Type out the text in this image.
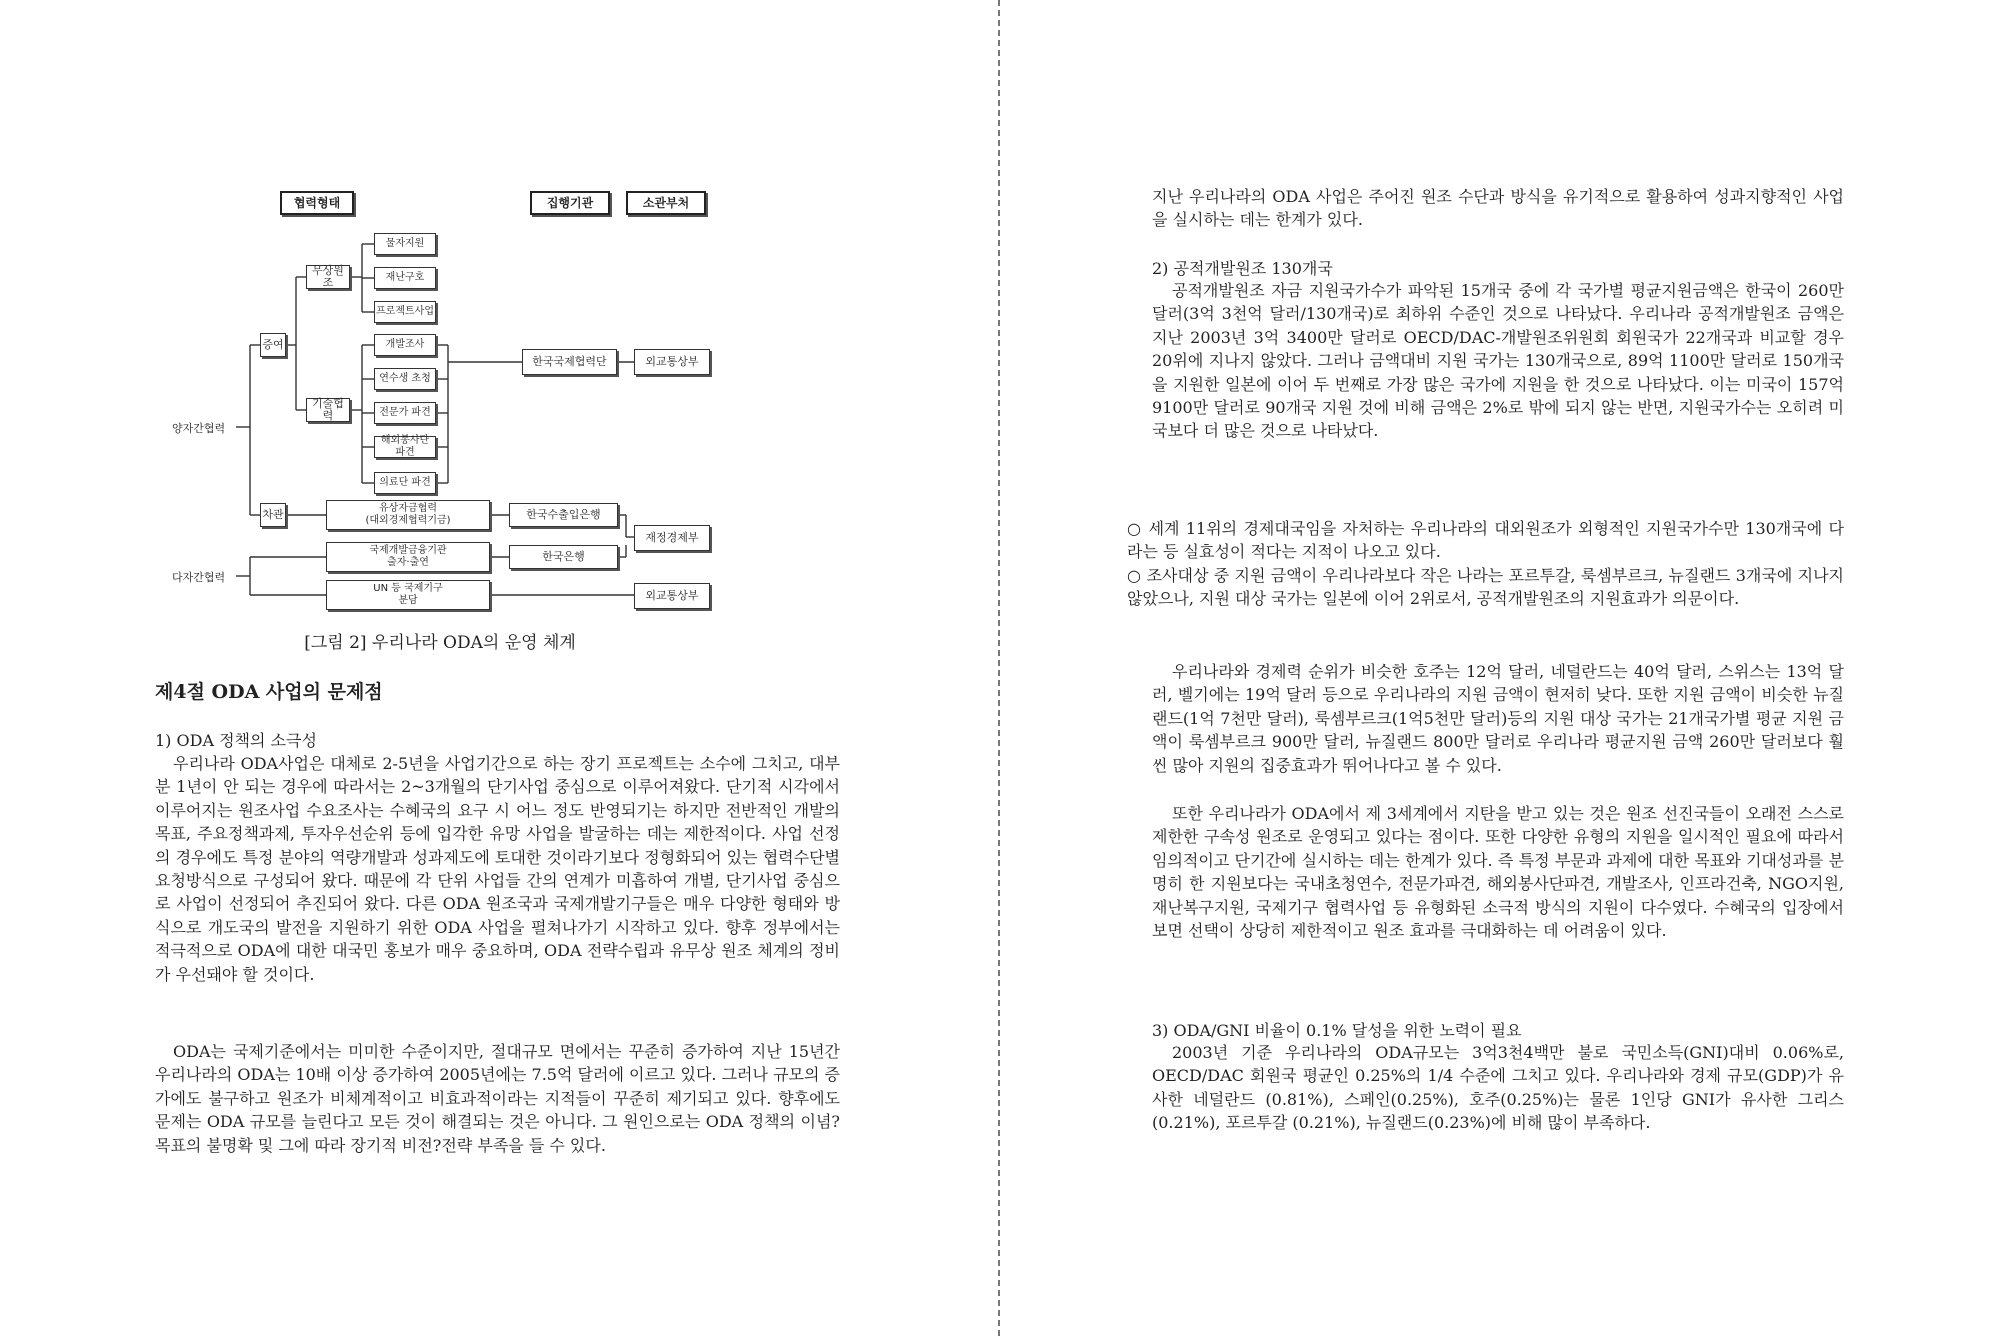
협력형태	집행기관	소관부처
양자간협력
다자간협력
증여
차관
무상원조
기술협력
물자지원
재난구호
프로젝트사업
개발조사
연수생 초청
전문가 파견
해외봉사단 파견
의료단 파견
한국국제협력단	외교통상부
유상자금협력
(대외경제협력기금)	한국수출입은행
재정경제부
국제개발금융기관
출자·출연	한국은행
UN 등 국제기구
분담	외교통상부
[그림 2] 우리나라 ODA의 운영 체계
제4절 ODA 사업의 문제점
1) ODA 정책의 소극성
우리나라 ODA사업은 대체로 2-5년을 사업기간으로 하는 장기 프로젝트는 소수에 그치고, 대부분 1년이 안 되는 경우에 따라서는 2~3개월의 단기사업 중심으로 이루어져왔다. 단기적 시각에서 이루어지는 원조사업 수요조사는 수혜국의 요구 시 어느 정도 반영되기는 하지만 전반적인 개발의 목표, 주요정책과제, 투자우선순위 등에 입각한 유망 사업을 발굴하는 데는 제한적이다. 사업 선정의 경우에도 특정 분야의 역량개발과 성과제도에 토대한 것이라기보다 정형화되어 있는 협력수단별 요청방식으로 구성되어 왔다. 때문에 각 단위 사업들 간의 연계가 미흡하여 개별, 단기사업 중심으로 사업이 선정되어 추진되어 왔다. 다른 ODA 원조국과 국제개발기구들은 매우 다양한 형태와 방식으로 개도국의 발전을 지원하기 위한 ODA 사업을 펼쳐나가기 시작하고 있다. 향후 정부에서는 적극적으로 ODA에 대한 대국민 홍보가 매우 중요하며, ODA 전략수립과 유무상 원조 체계의 정비가 우선돼야 할 것이다.
ODA는 국제기준에서는 미미한 수준이지만, 절대규모 면에서는 꾸준히 증가하여 지난 15년간 우리나라의 ODA는 10배 이상 증가하여 2005년에는 7.5억 달러에 이르고 있다. 그러나 규모의 증가에도 불구하고 원조가 비체계적이고 비효과적이라는 지적들이 꾸준히 제기되고 있다. 향후에도 문제는 ODA 규모를 늘린다고 모든 것이 해결되는 것은 아니다. 그 원인으로는 ODA 정책의 이념?목표의 불명확 및 그에 따라 장기적 비전?전략 부족을 들 수 있다.
지난 우리나라의 ODA 사업은 주어진 원조 수단과 방식을 유기적으로 활용하여 성과지향적인 사업을 실시하는 데는 한계가 있다.
2) 공적개발원조 130개국
공적개발원조 자금 지원국가수가 파악된 15개국 중에 각 국가별 평균지원금액은 한국이 260만 달러(3억 3천억 달러/130개국)로 최하위 수준인 것으로 나타났다. 우리나라 공적개발원조 금액은 지난 2003년 3억 3400만 달러로 OECD/DAC-개발원조위원회 회원국가 22개국과 비교할 경우 20위에 지나지 않았다. 그러나 금액대비 지원 국가는 130개국으로, 89억 1100만 달러로 150개국을 지원한 일본에 이어 두 번째로 가장 많은 국가에 지원을 한 것으로 나타났다. 이는 미국이 157억 9100만 달러로 90개국 지원 것에 비해 금액은 2%로 밖에 되지 않는 반면, 지원국가수는 오히려 미국보다 더 많은 것으로 나타났다.
○ 세계 11위의 경제대국임을 자처하는 우리나라의 대외원조가 외형적인 지원국가수만 130개국에 다라는 등 실효성이 적다는 지적이 나오고 있다.
○ 조사대상 중 지원 금액이 우리나라보다 작은 나라는 포르투갈, 룩셈부르크, 뉴질랜드 3개국에 지나지 않았으나, 지원 대상 국가는 일본에 이어 2위로서, 공적개발원조의 지원효과가 의문이다.
우리나라와 경제력 순위가 비슷한 호주는 12억 달러, 네덜란드는 40억 달러, 스위스는 13억 달러, 벨기에는 19억 달러 등으로 우리나라의 지원 금액이 현저히 낮다. 또한 지원 금액이 비슷한 뉴질랜드(1억 7천만 달러), 룩셈부르크(1억5천만 달러)등의 지원 대상 국가는 21개국가별 평균 지원 금액이 룩셈부르크 900만 달러, 뉴질랜드 800만 달러로 우리나라 평균지원 금액 260만 달러보다 훨씬 많아 지원의 집중효과가 뛰어나다고 볼 수 있다.
또한 우리나라가 ODA에서 제 3세계에서 지탄을 받고 있는 것은 원조 선진국들이 오래전 스스로 제한한 구속성 원조로 운영되고 있다는 점이다. 또한 다양한 유형의 지원을 일시적인 필요에 따라서 임의적이고 단기간에 실시하는 데는 한계가 있다. 즉 특정 부문과 과제에 대한 목표와 기대성과를 분명히 한 지원보다는 국내초청연수, 전문가파견, 해외봉사단파견, 개발조사, 인프라건축, NGO지원, 재난복구지원, 국제기구 협력사업 등 유형화된 소극적 방식의 지원이 다수였다. 수혜국의 입장에서 보면 선택이 상당히 제한적이고 원조 효과를 극대화하는 데 어려움이 있다.
3) ODA/GNI 비율이 0.1% 달성을 위한 노력이 필요
2003년 기준 우리나라의 ODA규모는 3억3천4백만 불로 국민소득(GNI)대비 0.06%로, OECD/DAC 회원국 평균인 0.25%의 1/4 수준에 그치고 있다. 우리나라와 경제 규모(GDP)가 유사한 네덜란드 (0.81%), 스페인(0.25%), 호주(0.25%)는 물론 1인당 GNI가 유사한 그리스(0.21%), 포르투갈 (0.21%), 뉴질랜드(0.23%)에 비해 많이 부족하다.
